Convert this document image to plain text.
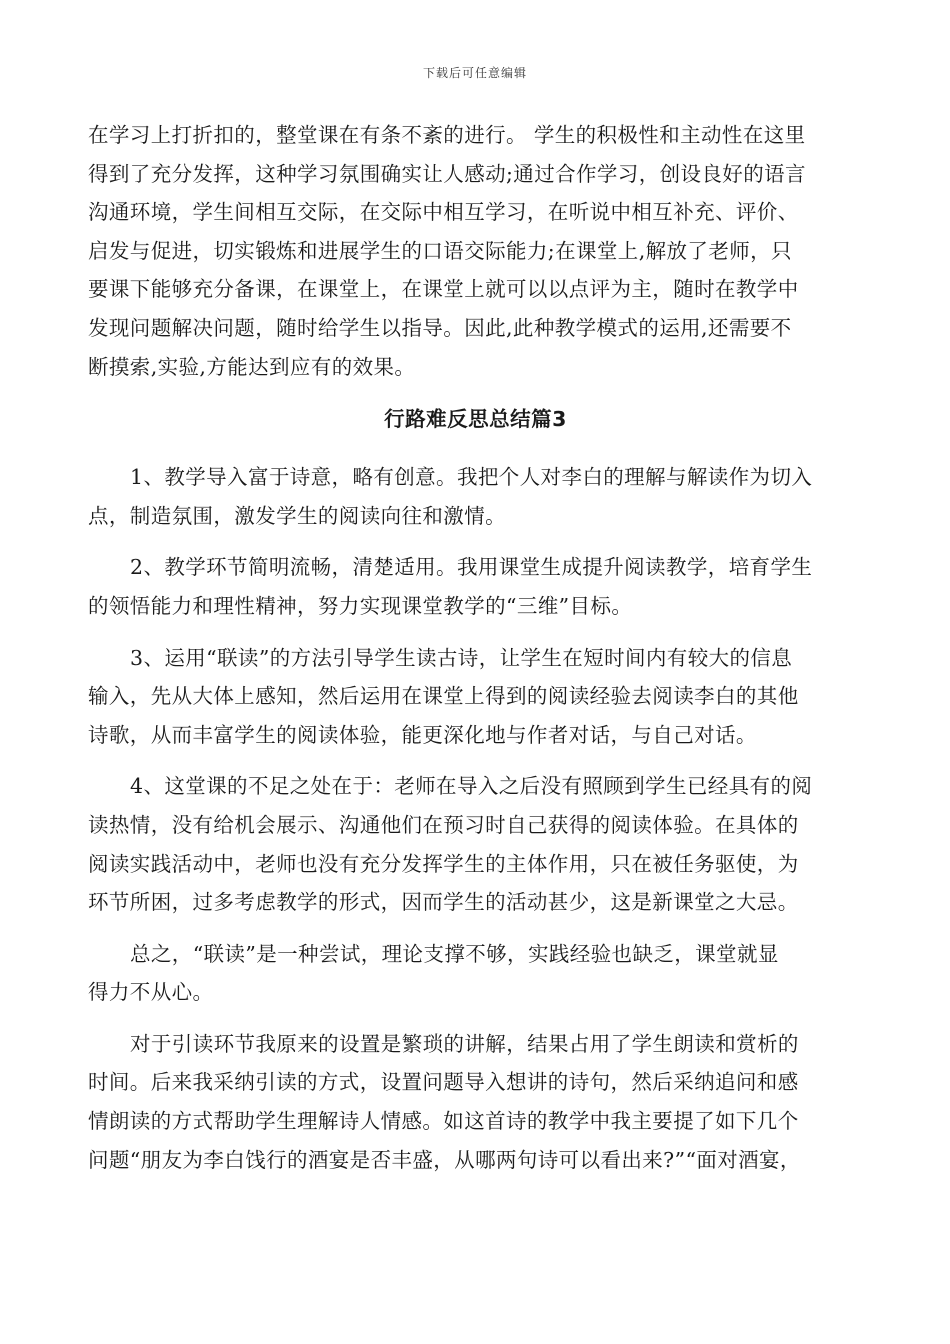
下载后可任意编辑
在学习上打折扣的，整堂课在有条不紊的进行。 学生的积极性和主动性在这里
得到了充分发挥，这种学习氛围确实让人感动;通过合作学习，创设良好的语言
沟通环境，学生间相互交际，在交际中相互学习，在听说中相互补充、评价、
启发与促进，切实锻炼和进展学生的口语交际能力;在课堂上,解放了老师，只
要课下能够充分备课，在课堂上，在课堂上就可以以点评为主，随时在教学中
发现问题解决问题，随时给学生以指导。因此,此种教学模式的运用,还需要不
断摸索,实验,方能达到应有的效果。
行路难反思总结篇3
1、教学导入富于诗意，略有创意。我把个人对李白的理解与解读作为切入
点，制造氛围，激发学生的阅读向往和激情。
2、教学环节简明流畅，清楚适用。我用课堂生成提升阅读教学，培育学生
的领悟能力和理性精神，努力实现课堂教学的“三维”目标。
3、运用“联读”的方法引导学生读古诗，让学生在短时间内有较大的信息
输入，先从大体上感知，然后运用在课堂上得到的阅读经验去阅读李白的其他
诗歌，从而丰富学生的阅读体验，能更深化地与作者对话，与自己对话。
4、这堂课的不足之处在于：老师在导入之后没有照顾到学生已经具有的阅
读热情，没有给机会展示、沟通他们在预习时自己获得的阅读体验。在具体的
阅读实践活动中，老师也没有充分发挥学生的主体作用，只在被任务驱使，为
环节所困，过多考虑教学的形式，因而学生的活动甚少，这是新课堂之大忌。
总之，“联读”是一种尝试，理论支撑不够，实践经验也缺乏，课堂就显
得力不从心。
对于引读环节我原来的设置是繁琐的讲解，结果占用了学生朗读和赏析的
时间。后来我采纳引读的方式，设置问题导入想讲的诗句，然后采纳追问和感
情朗读的方式帮助学生理解诗人情感。如这首诗的教学中我主要提了如下几个
问题“朋友为李白饯行的酒宴是否丰盛，从哪两句诗可以看出来?”“面对酒宴，
